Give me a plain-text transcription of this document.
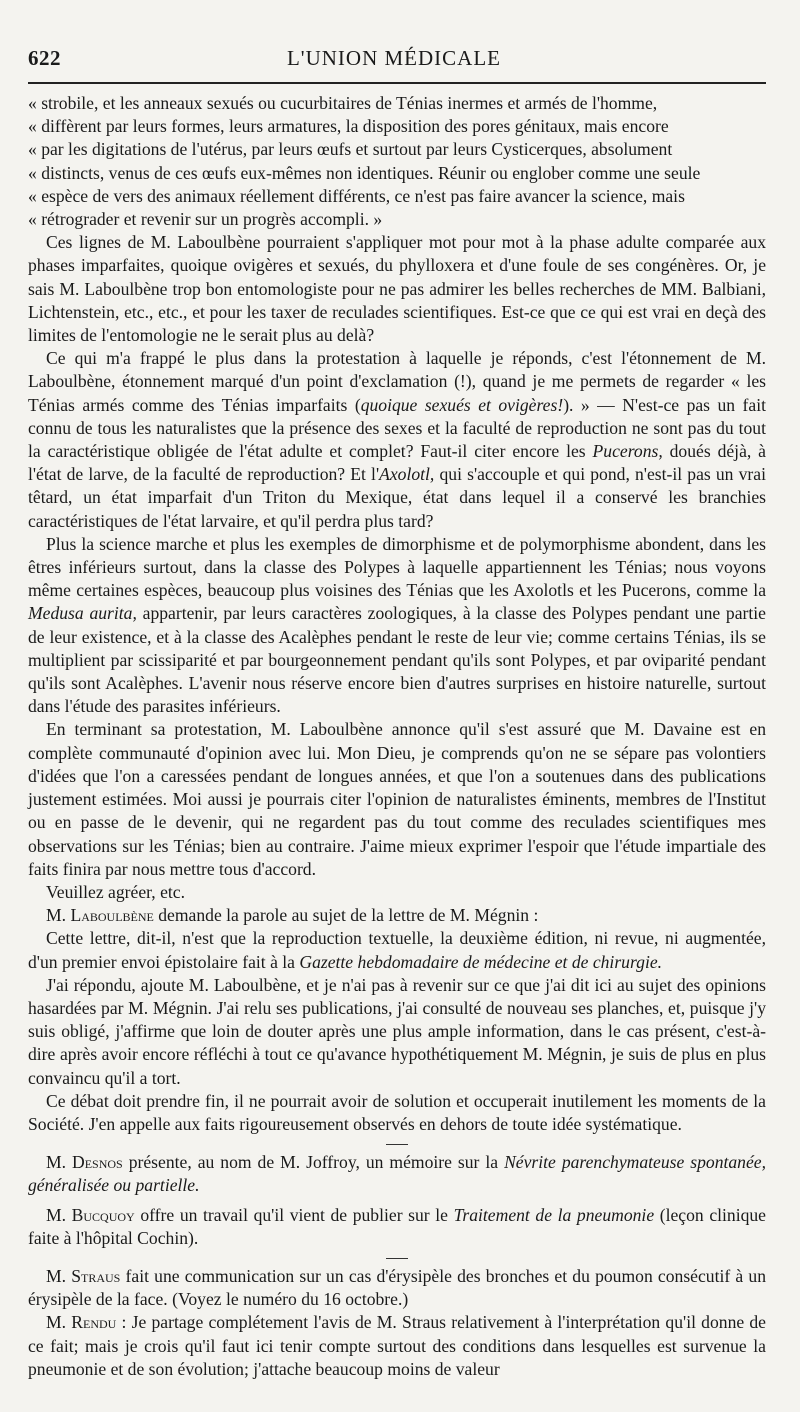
622	L'UNION MÉDICALE

« strobile, et les anneaux sexués ou cucurbitaires de Ténias inermes et armés de l'homme,

« diffèrent par leurs formes, leurs armatures, la disposition des pores génitaux, mais encore

« par les digitations de l'utérus, par leurs œufs et surtout par leurs Cysticerques, absolument

« distincts, venus de ces œufs eux-mêmes non identiques. Réunir ou englober comme une seule

« espèce de vers des animaux réellement différents, ce n'est pas faire avancer la science, mais

« rétrograder et revenir sur un progrès accompli. »

Ces lignes de M. Laboulbène pourraient s'appliquer mot pour mot à la phase adulte comparée aux phases imparfaites, quoique ovigères et sexués, du phylloxera et d'une foule de ses congénères. Or, je sais M. Laboulbène trop bon entomologiste pour ne pas admirer les belles recherches de MM. Balbiani, Lichtenstein, etc., etc., et pour les taxer de reculades scientifiques. Est-ce que ce qui est vrai en deçà des limites de l'entomologie ne le serait plus au delà?

Ce qui m'a frappé le plus dans la protestation à laquelle je réponds, c'est l'étonnement de M. Laboulbène, étonnement marqué d'un point d'exclamation (!), quand je me permets de regarder « les Ténias armés comme des Ténias imparfaits (quoique sexués et ovigères!). » — N'est-ce pas un fait connu de tous les naturalistes que la présence des sexes et la faculté de reproduction ne sont pas du tout la caractéristique obligée de l'état adulte et complet? Faut-il citer encore les Pucerons, doués déjà, à l'état de larve, de la faculté de reproduction? Et l'Axolotl, qui s'accouple et qui pond, n'est-il pas un vrai têtard, un état imparfait d'un Triton du Mexique, état dans lequel il a conservé les branchies caractéristiques de l'état larvaire, et qu'il perdra plus tard?

Plus la science marche et plus les exemples de dimorphisme et de polymorphisme abondent, dans les êtres inférieurs surtout, dans la classe des Polypes à laquelle appartiennent les Ténias; nous voyons même certaines espèces, beaucoup plus voisines des Ténias que les Axolotls et les Pucerons, comme la Medusa aurita, appartenir, par leurs caractères zoologiques, à la classe des Polypes pendant une partie de leur existence, et à la classe des Acalèphes pendant le reste de leur vie; comme certains Ténias, ils se multiplient par scissiparité et par bourgeonnement pendant qu'ils sont Polypes, et par oviparité pendant qu'ils sont Acalèphes. L'avenir nous réserve encore bien d'autres surprises en histoire naturelle, surtout dans l'étude des parasites inférieurs.

En terminant sa protestation, M. Laboulbène annonce qu'il s'est assuré que M. Davaine est en complète communauté d'opinion avec lui. Mon Dieu, je comprends qu'on ne se sépare pas volontiers d'idées que l'on a caressées pendant de longues années, et que l'on a soutenues dans des publications justement estimées. Moi aussi je pourrais citer l'opinion de naturalistes éminents, membres de l'Institut ou en passe de le devenir, qui ne regardent pas du tout comme des reculades scientifiques mes observations sur les Ténias; bien au contraire. J'aime mieux exprimer l'espoir que l'étude impartiale des faits finira par nous mettre tous d'accord.

Veuillez agréer, etc.

M. Laboulbène demande la parole au sujet de la lettre de M. Mégnin :

Cette lettre, dit-il, n'est que la reproduction textuelle, la deuxième édition, ni revue, ni augmentée, d'un premier envoi épistolaire fait à la Gazette hebdomadaire de médecine et de chirurgie.

J'ai répondu, ajoute M. Laboulbène, et je n'ai pas à revenir sur ce que j'ai dit ici au sujet des opinions hasardées par M. Mégnin. J'ai relu ses publications, j'ai consulté de nouveau ses planches, et, puisque j'y suis obligé, j'affirme que loin de douter après une plus ample information, dans le cas présent, c'est-à-dire après avoir encore réfléchi à tout ce qu'avance hypothétiquement M. Mégnin, je suis de plus en plus convaincu qu'il a tort.

Ce débat doit prendre fin, il ne pourrait avoir de solution et occuperait inutilement les moments de la Société. J'en appelle aux faits rigoureusement observés en dehors de toute idée systématique.

M. Desnos présente, au nom de M. Joffroy, un mémoire sur la Névrite parenchymateuse spontanée, généralisée ou partielle.

M. Bucquoy offre un travail qu'il vient de publier sur le Traitement de la pneumonie (leçon clinique faite à l'hôpital Cochin).

M. Straus fait une communication sur un cas d'érysipèle des bronches et du poumon consécutif à un érysipèle de la face. (Voyez le numéro du 16 octobre.)

M. Rendu : Je partage complétement l'avis de M. Straus relativement à l'interprétation qu'il donne de ce fait; mais je crois qu'il faut ici tenir compte surtout des conditions dans lesquelles est survenue la pneumonie et de son évolution; j'attache beaucoup moins de valeur
